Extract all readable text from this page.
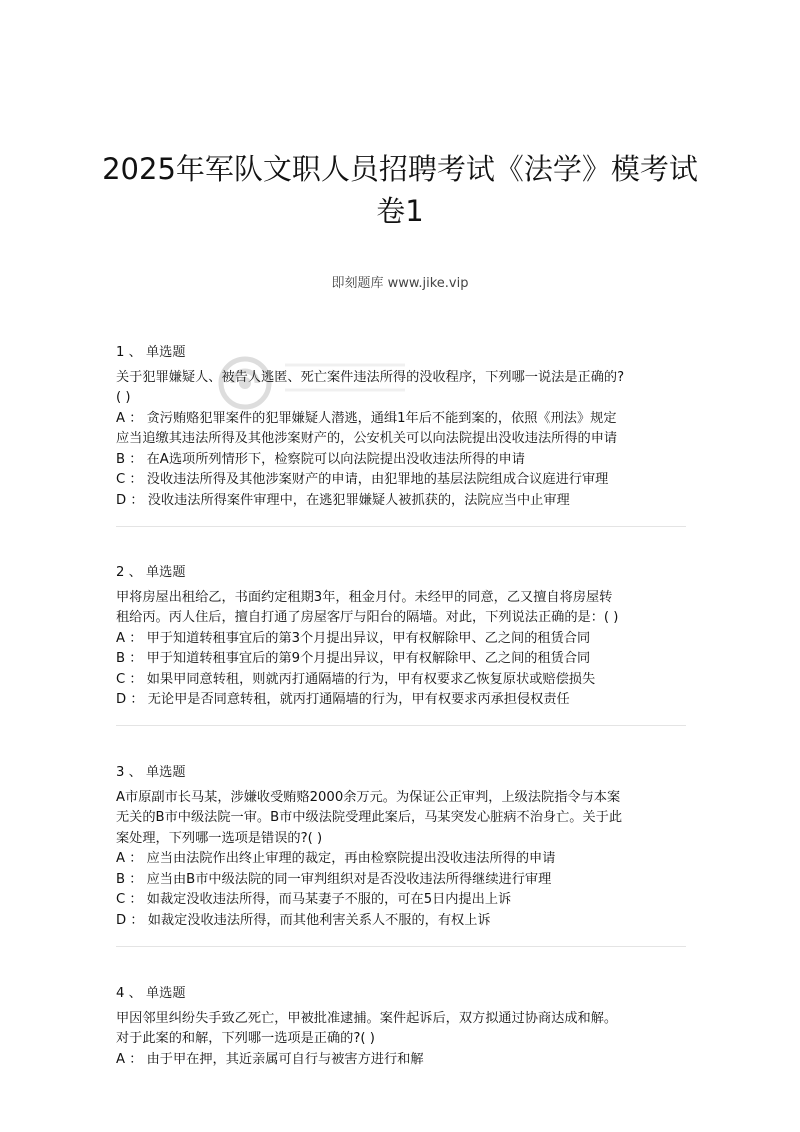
2025年军队文职人员招聘考试《法学》模考试卷1
即刻题库 www.jike.vip
1 、 单选题
关于犯罪嫌疑人、被告人逃匿、死亡案件违法所得的没收程序，下列哪一说法是正确的?
( )
A ： 贪污贿赂犯罪案件的犯罪嫌疑人潜逃，通缉1年后不能到案的，依照《刑法》规定
应当追缴其违法所得及其他涉案财产的，公安机关可以向法院提出没收违法所得的申请
B ： 在A选项所列情形下，检察院可以向法院提出没收违法所得的申请
C ： 没收违法所得及其他涉案财产的申请，由犯罪地的基层法院组成合议庭进行审理
D ： 没收违法所得案件审理中，在逃犯罪嫌疑人被抓获的，法院应当中止审理
2 、 单选题
甲将房屋出租给乙，书面约定租期3年，租金月付。未经甲的同意，乙又擅自将房屋转
租给丙。丙人住后，擅自打通了房屋客厅与阳台的隔墙。对此，下列说法正确的是：( )
A ： 甲于知道转租事宜后的第3个月提出异议，甲有权解除甲、乙之间的租赁合同
B ： 甲于知道转租事宜后的第9个月提出异议，甲有权解除甲、乙之间的租赁合同
C ： 如果甲同意转租，则就丙打通隔墙的行为，甲有权要求乙恢复原状或赔偿损失
D ： 无论甲是否同意转租，就丙打通隔墙的行为，甲有权要求丙承担侵权责任
3 、 单选题
A市原副市长马某，涉嫌收受贿赂2000余万元。为保证公正审判，上级法院指令与本案
无关的B市中级法院一审。B市中级法院受理此案后，马某突发心脏病不治身亡。关于此
案处理，下列哪一选项是错误的?( )
A ： 应当由法院作出终止审理的裁定，再由检察院提出没收违法所得的申请
B ： 应当由B市中级法院的同一审判组织对是否没收违法所得继续进行审理
C ： 如裁定没收违法所得，而马某妻子不服的，可在5日内提出上诉
D ： 如裁定没收违法所得，而其他利害关系人不服的，有权上诉
4 、 单选题
甲因邻里纠纷失手致乙死亡，甲被批准逮捕。案件起诉后，双方拟通过协商达成和解。
对于此案的和解，下列哪一选项是正确的?( )
A ： 由于甲在押，其近亲属可自行与被害方进行和解
